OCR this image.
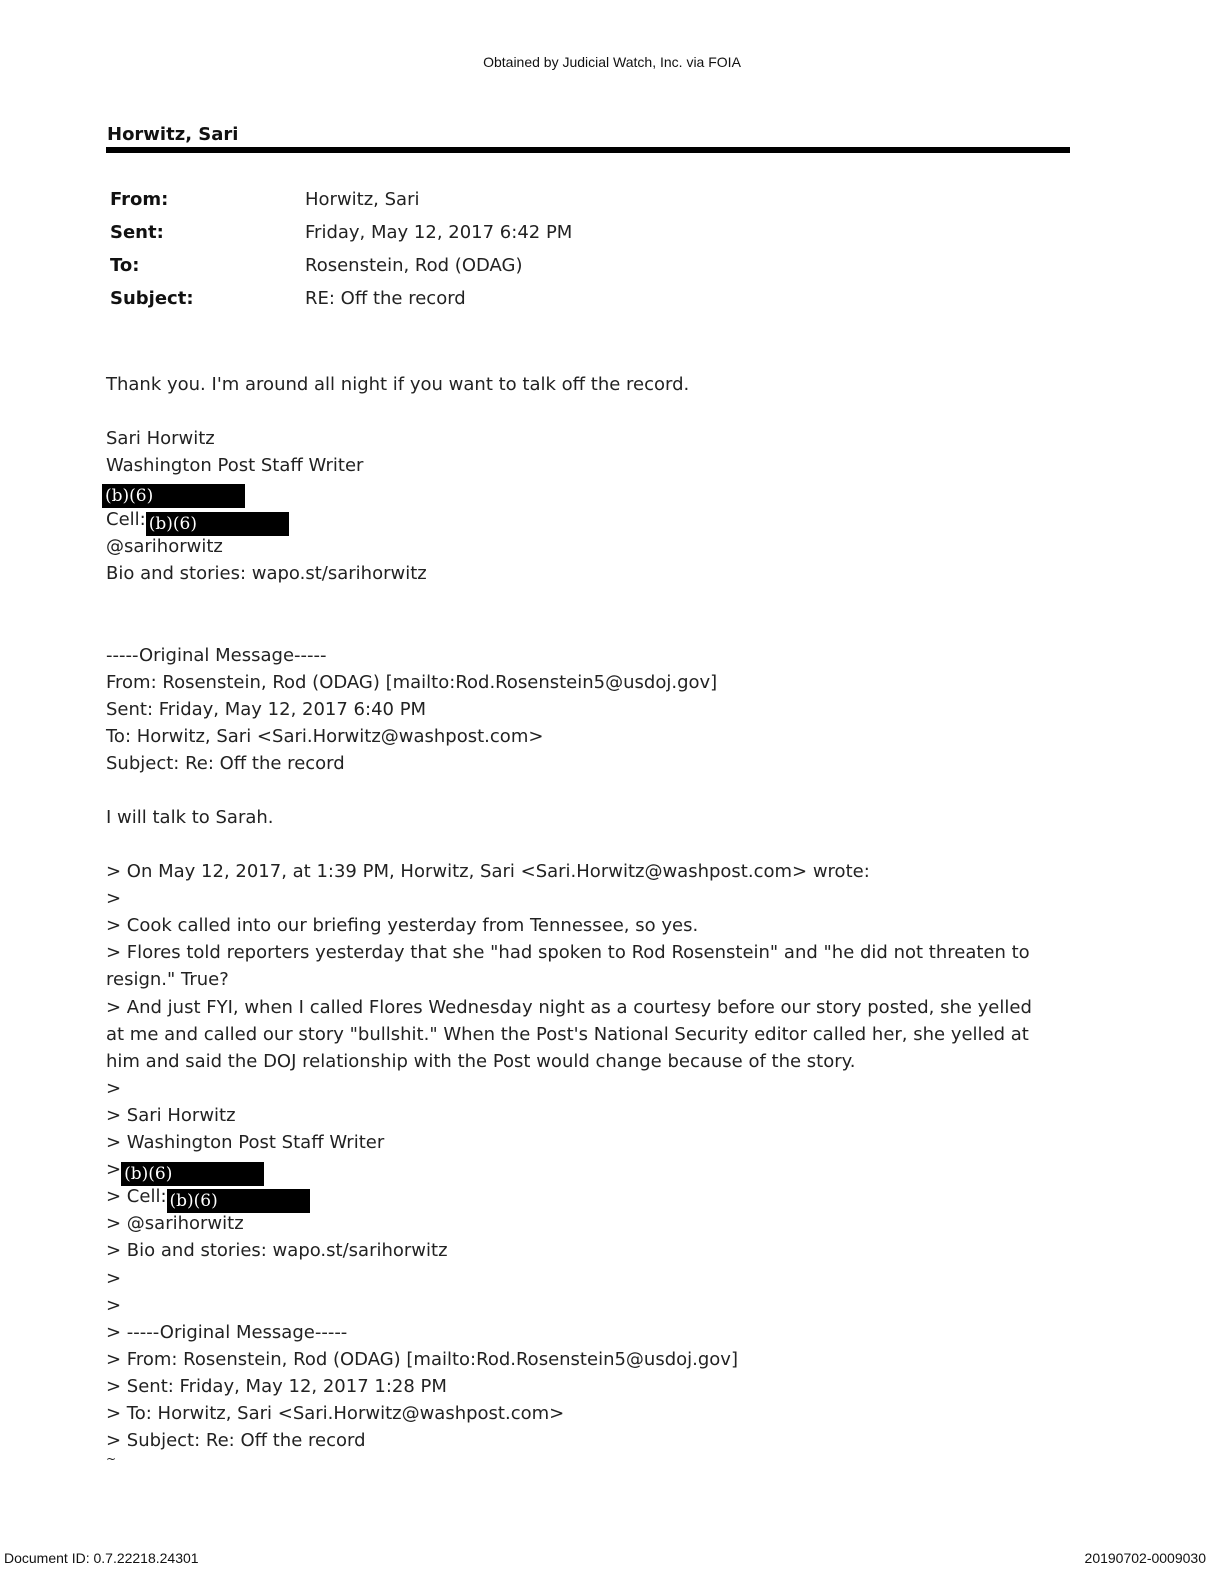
Obtained by Judicial Watch, Inc. via FOIA
Horwitz, Sari
From:	Horwitz, Sari
Sent:	Friday, May 12, 2017 6:42 PM
To:	Rosenstein, Rod (ODAG)
Subject:	RE: Off the record
Thank you. I'm around all night if you want to talk off the record.
Sari Horwitz
Washington Post Staff Writer
(b)(6)
Cell: (b)(6)
@sarihorwitz
Bio and stories: wapo.st/sarihorwitz
-----Original Message-----
From: Rosenstein, Rod (ODAG) [mailto:Rod.Rosenstein5@usdoj.gov]
Sent: Friday, May 12, 2017 6:40 PM
To: Horwitz, Sari <Sari.Horwitz@washpost.com>
Subject: Re: Off the record
I will talk to Sarah.
> On May 12, 2017, at 1:39 PM, Horwitz, Sari <Sari.Horwitz@washpost.com> wrote:
>
> Cook called into our briefing yesterday from Tennessee, so yes.
> Flores told reporters yesterday that she "had spoken to Rod Rosenstein" and "he did not threaten to
resign." True?
> And just FYI, when I called Flores Wednesday night as a courtesy before our story posted, she yelled
at me and called our story "bullshit." When the Post's National Security editor called her, she yelled at
him and said the DOJ relationship with the Post would change because of the story.
>
> Sari Horwitz
> Washington Post Staff Writer
> (b)(6)
> Cell: (b)(6)
> @sarihorwitz
> Bio and stories: wapo.st/sarihorwitz
>
>
> -----Original Message-----
> From: Rosenstein, Rod (ODAG) [mailto:Rod.Rosenstein5@usdoj.gov]
> Sent: Friday, May 12, 2017 1:28 PM
> To: Horwitz, Sari <Sari.Horwitz@washpost.com>
> Subject: Re: Off the record
~
Document ID: 0.7.22218.24301	20190702-0009030
